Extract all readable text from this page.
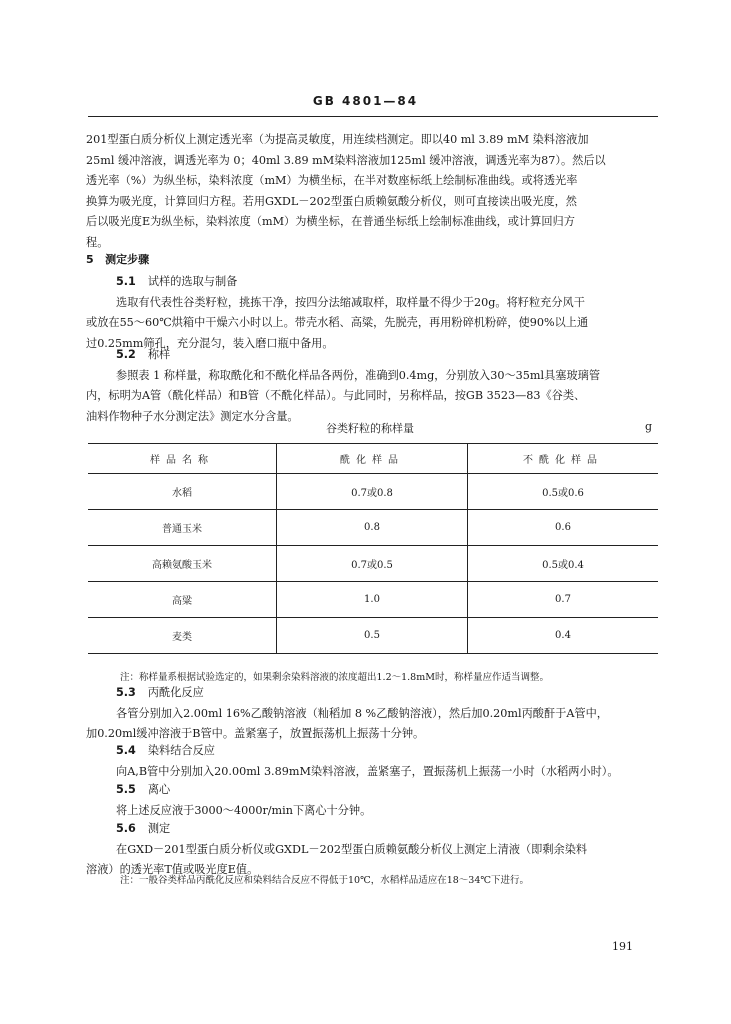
GB 4801—84
201型蛋白质分析仪上测定透光率（为提高灵敏度，用连续档测定。即以40 ml 3.89 mM 染料溶液加
25ml 缓冲溶液，调透光率为 0；40ml 3.89 mM染料溶液加125ml 缓冲溶液，调透光率为87）。然后以
透光率（%）为纵坐标，染料浓度（mM）为横坐标，在半对数座标纸上绘制标准曲线。或将透光率
换算为吸光度，计算回归方程。若用GXDL－202型蛋白质赖氨酸分析仪，则可直接读出吸光度，然
后以吸光度E为纵坐标，染料浓度（mM）为横坐标，在普通坐标纸上绘制标准曲线，或计算回归方
程。
5 测定步骤
5.1 试样的选取与制备
选取有代表性谷类籽粒，挑拣干净，按四分法缩减取样，取样量不得少于20g。将籽粒充分风干
或放在55～60℃烘箱中干燥六小时以上。带壳水稻、高粱，先脱壳，再用粉碎机粉碎，使90%以上通
过0.25mm筛孔，充分混匀，装入磨口瓶中备用。
5.2 称样
参照表 1 称样量，称取酰化和不酰化样品各两份，准确到0.4mg，分别放入30～35ml具塞玻璃管
内，标明为A管（酰化样品）和B管（不酰化样品）。与此同时，另称样品，按GB 3523—83《谷类、
油料作物种子水分测定法》测定水分含量。
谷类籽粒的称样量	g
样品名称	酰化样品	不酰化样品
水稻	0.7或0.8	0.5或0.6
普通玉米	0.8	0.6
高赖氨酸玉米	0.7或0.5	0.5或0.4
高粱	1.0	0.7
麦类	0.5	0.4
注：称样量系根据试验选定的，如果剩余染料溶液的浓度超出1.2～1.8mM时，称样量应作适当调整。
5.3 丙酰化反应
各管分别加入2.00ml 16%乙酸钠溶液（籼稻加 8 %乙酸钠溶液），然后加0.20ml丙酸酐于A管中，
加0.20ml缓冲溶液于B管中。盖紧塞子，放置振荡机上振荡十分钟。
5.4 染料结合反应
向A,B管中分别加入20.00ml 3.89mM染料溶液，盖紧塞子，置振荡机上振荡一小时（水稻两小时）。
5.5 离心
将上述反应液于3000～4000r/min下离心十分钟。
5.6 测定
在GXD－201型蛋白质分析仪或GXDL－202型蛋白质赖氨酸分析仪上测定上清液（即剩余染料
溶液）的透光率T值或吸光度E值。
注：一般谷类样品丙酰化反应和染料结合反应不得低于10℃，水稻样品适应在18～34℃下进行。
191
